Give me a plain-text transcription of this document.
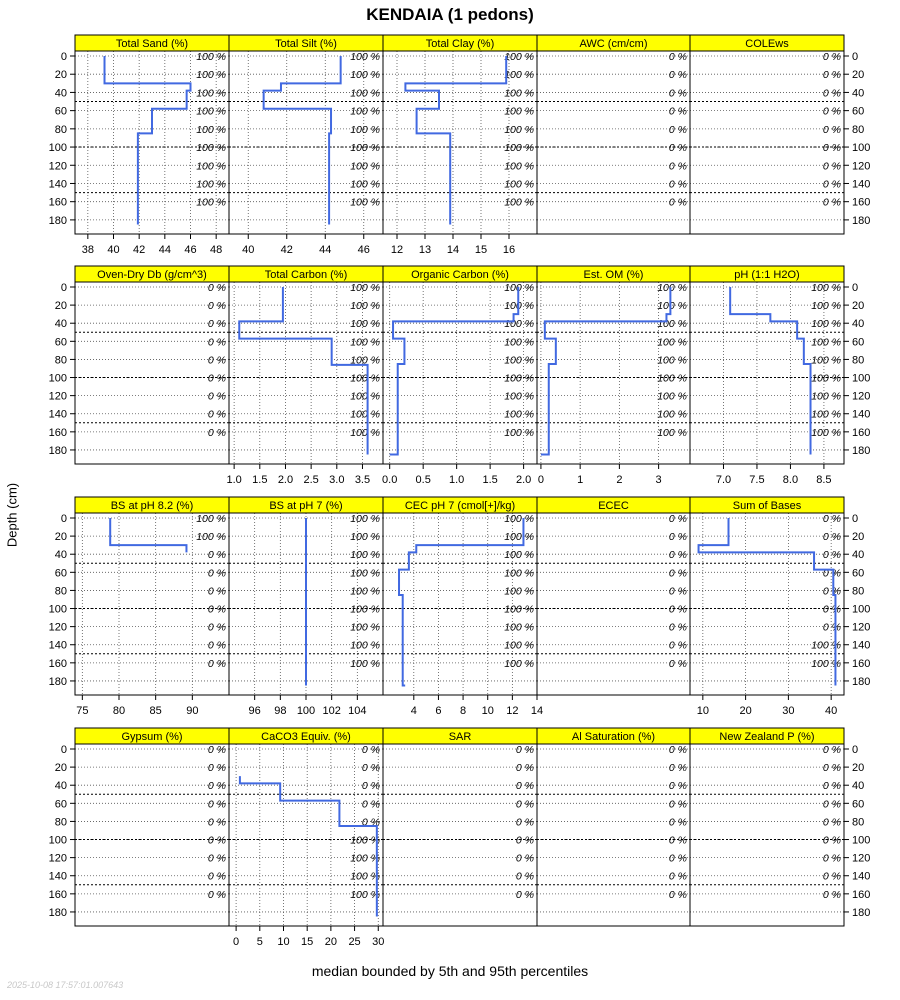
KENDAIA (1 pedons)
Depth (cm)
Total Sand (%)
100 %
100 %
100 %
100 %
100 %
100 %
100 %
100 %
100 %
38 40 42 44 46 48
0
20
40
60
80
100
120
140
160
180
Total Silt (%)
100 %
100 %
100 %
100 %
100 %
100 %
100 %
100 %
100 %
40 42 44 46
Total Clay (%)
100 %
100 %
100 %
100 %
100 %
100 %
100 %
100 %
100 %
12 13 14 15 16
AWC (cm/cm)
0 %
0 %
0 %
0 %
0 %
0 %
0 %
0 %
0 %
COLEws
0 %
0 %
0 %
0 %
0 %
0 %
0 %
0 %
0 %
0
20
40
60
80
100
120
140
160
180
Oven-Dry Db (g/cm^3)
0 %
0 %
0 %
0 %
0 %
0 %
0 %
0 %
0 %
0
20
40
60
80
100
120
140
160
180
Total Carbon (%)
100 %
100 %
100 %
100 %
100 %
100 %
100 %
100 %
100 %
1.0 1.5 2.0 2.5 3.0 3.5
Organic Carbon (%)
100 %
100 %
100 %
100 %
100 %
100 %
100 %
100 %
100 %
0.0 0.5 1.0 1.5 2.0
Est. OM (%)
100 %
100 %
100 %
100 %
100 %
100 %
100 %
100 %
100 %
0	1	2	3
pH (1:1 H2O)
100 %
100 %
100 %
100 %
100 %
100 %
100 %
100 %
100 %
7.0 7.5 8.0 8.5
0
20
40
60
80
100
120
140
160
180
BS at pH 8.2 (%)
100 %
100 %
0 %
0 %
0 %
0 %
0 %
0 %
0 %
75 80 85 90
0
20
40
60
80
100
120
140
160
180
BS at pH 7 (%)
100 %
100 %
100 %
100 %
100 %
100 %
100 %
100 %
100 %
96 98 100 102 104
CEC pH 7 (cmol[+]/kg)
100 %
100 %
100 %
100 %
100 %
100 %
100 %
100 %
100 %
4 6 8 10 12 14
ECEC
0 %
0 %
0 %
0 %
0 %
0 %
0 %
0 %
0 %
Sum of Bases
0 %
0 %
0 %
0 %
0 %
0 %
0 %
100 %
100 %
10	20	30	40
0
20
40
60
80
100
120
140
160
180
Gypsum (%)
0 %
0 %
0 %
0 %
0 %
0 %
0 %
0 %
0 %
0
20
40
60
80
100
120
140
160
180
CaCO3 Equiv. (%)
0 %
0 %
0 %
0 %
0 %
100 %
100 %
100 %
100 %
0 5 10 15 20 25 30
SAR
0 %
0 %
0 %
0 %
0 %
0 %
0 %
0 %
0 %
Al Saturation (%)
0 %
0 %
0 %
0 %
0 %
0 %
0 %
0 %
0 %
New Zealand P (%)
0 %
0 %
0 %
0 %
0 %
0 %
0 %
0 %
0 %
0
20
40
60
80
100
120
140
160
180
median bounded by 5th and 95th percentiles
2025-10-08 17:57:01.007643
